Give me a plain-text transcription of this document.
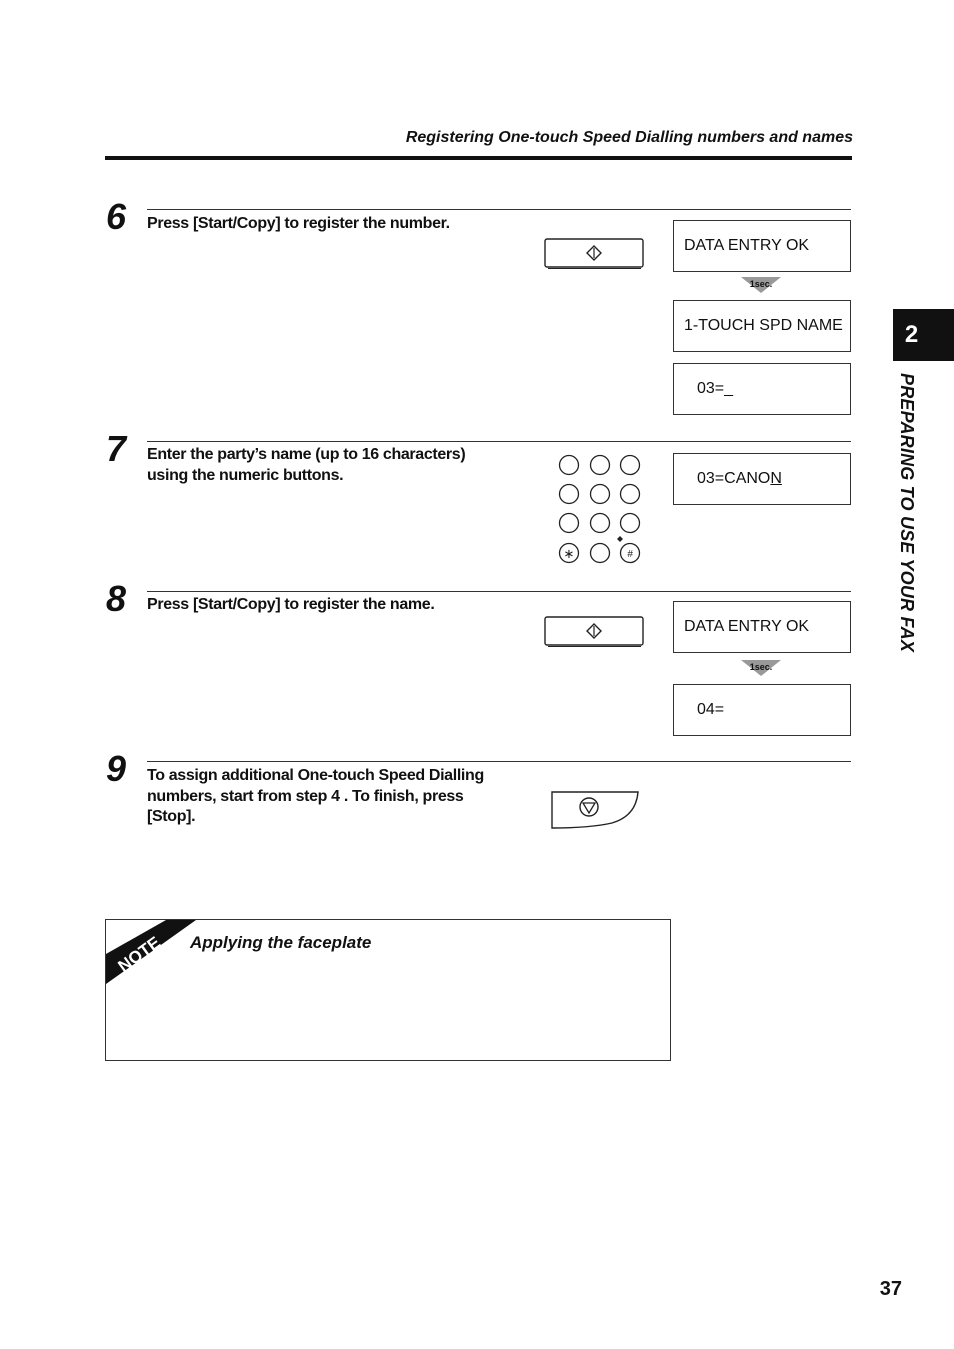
Registering One-touch Speed Dialling numbers and names
6 Press [Start/Copy] to register the number.
DATA ENTRY OK
1sec.
1-TOUCH SPD NAME
03=_
7 Enter the party’s name (up to 16 characters)
using the numeric buttons.
∗	#
03=CANO N
8 Press [Start/Copy] to register the name.
DATA ENTRY OK
1sec.
04=
9 To assign additional One-touch Speed Dialling
numbers, start from step 4 . To finish, press
[Stop].
2
PREPARING TO USE YOUR FAX
NOTE Applying the faceplate
37
